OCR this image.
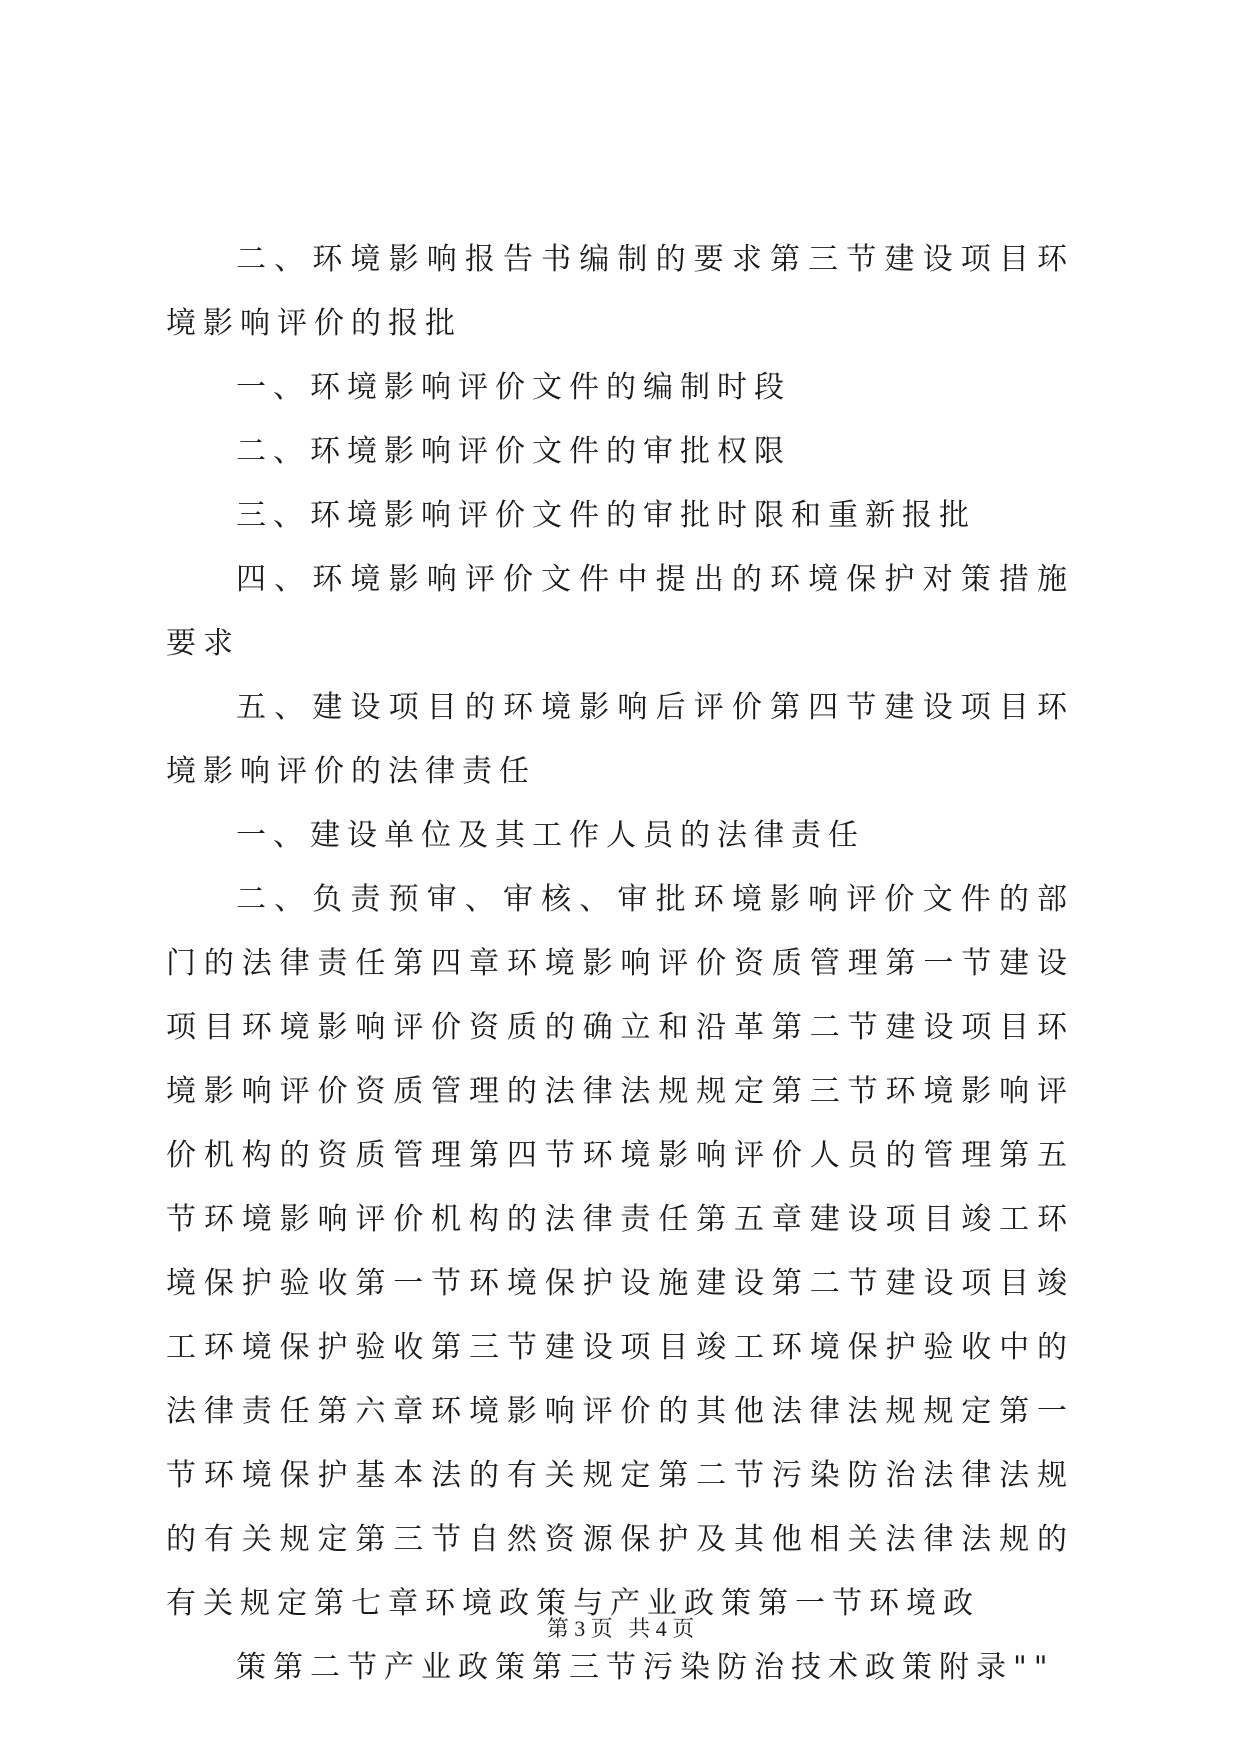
二、环境影响报告书编制的要求第三节建设项目环境影响评价的报批

一、环境影响评价文件的编制时段

二、环境影响评价文件的审批权限

三、环境影响评价文件的审批时限和重新报批

四、环境影响评价文件中提出的环境保护对策措施要求

五、建设项目的环境影响后评价第四节建设项目环境影响评价的法律责任

一、建设单位及其工作人员的法律责任

二、负责预审、审核、审批环境影响评价文件的部门的法律责任第四章环境影响评价资质管理第一节建设项目环境影响评价资质的确立和沿革第二节建设项目环境影响评价资质管理的法律法规规定第三节环境影响评价机构的资质管理第四节环境影响评价人员的管理第五节环境影响评价机构的法律责任第五章建设项目竣工环境保护验收第一节环境保护设施建设第二节建设项目竣工环境保护验收第三节建设项目竣工环境保护验收中的法律责任第六章环境影响评价的其他法律法规规定第一节环境保护基本法的有关规定第二节污染防治法律法规的有关规定第三节自然资源保护及其他相关法律法规的有关规定第七章环境政策与产业政策第一节环境政

策第二节产业政策第三节污染防治技术政策附录""

第 3 页 共 4 页
